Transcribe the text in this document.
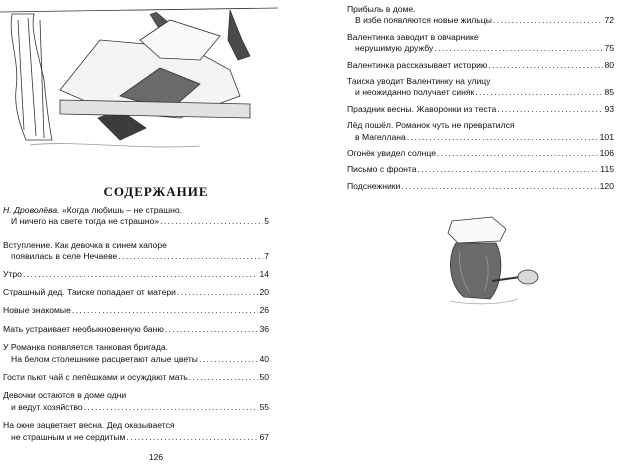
СОДЕРЖАНИЕ
Н. Дроволёва. «Когда любишь – не страшно.
И ничего на свете тогда не страшно» . . .	5
Вступление. Как девочка в синем капоре
появилась в селе Нечаеве . . .	7
Утро . . .	14
Страшный дед. Таиске попадает от матери . . .	20
Новые знакомые . . .	26
Мать устраивает необыкновенную баню . . .	36
У Романка появляется танковая бригада.
На белом столешнике расцветают алые цветы . . .	40
Гости пьют чай с лепёшками и осуждают мать . . .	50
Девочки остаются в доме одни
и ведут хозяйство . . .	55
На окне зацветает весна. Дед оказывается
не страшным и не сердитым . . .	67
126
Прибыль в доме.
В избе появляются новые жильцы . . .	72
Валентинка заводит в овчарнике
нерушимую дружбу . . .	75
Валентинка рассказывает историю . . .	80
Таиска уводит Валентинку на улицу
и неожиданно получает синяк . . .	85
Праздник весны. Жаворонки из теста . . .	93
Лёд пошёл. Романок чуть не превратился
в Магеллана . . .	101
Огонёк увидел солнце . . .	106
Письмо с фронта . . .	115
Подснежники . . .	120
